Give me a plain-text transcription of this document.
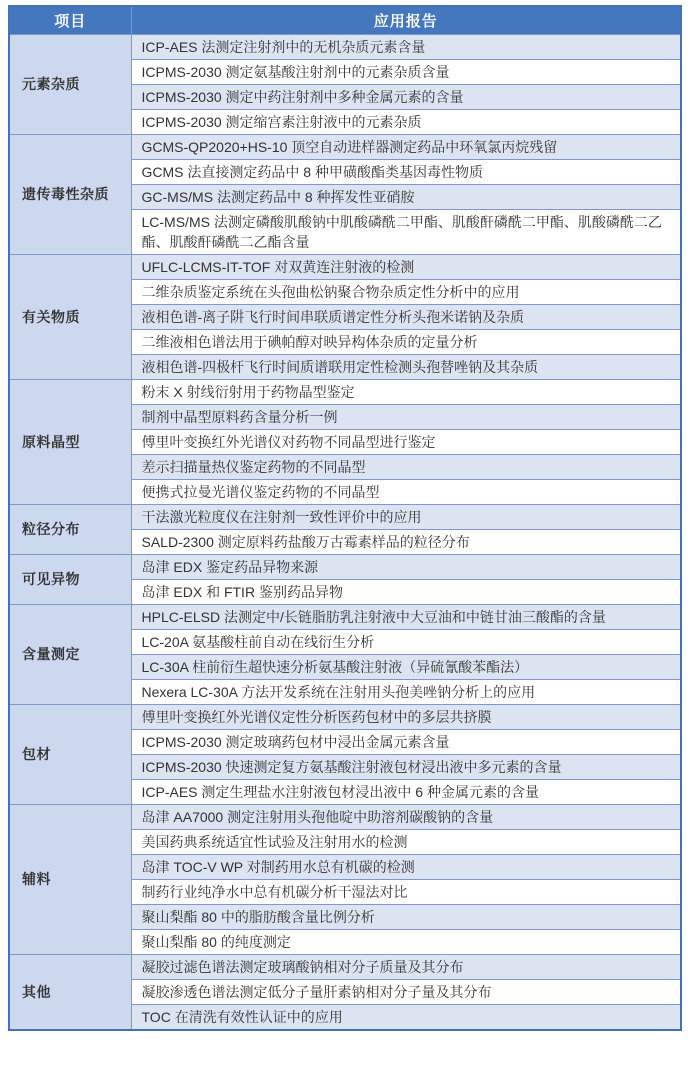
项目	应用报告
元素杂质	ICP-AES 法测定注射剂中的无机杂质元素含量
	ICPMS-2030 测定氨基酸注射剂中的元素杂质含量
	ICPMS-2030 测定中药注射剂中多种金属元素的含量
	ICPMS-2030 测定缩宫素注射液中的元素杂质
遗传毒性杂质	GCMS-QP2020+HS-10 顶空自动进样器测定药品中环氧氯丙烷残留
	GCMS 法直接测定药品中 8 种甲磺酸酯类基因毒性物质
	GC-MS/MS 法测定药品中 8 种挥发性亚硝胺
	LC-MS/MS 法测定磷酸肌酸钠中肌酸磷酰二甲酯、肌酸酐磷酰二甲酯、肌酸磷酰二乙酯、肌酸酐磷酰二乙酯含量
有关物质	UFLC-LCMS-IT-TOF 对双黄连注射液的检测
	二维杂质鉴定系统在头孢曲松钠聚合物杂质定性分析中的应用
	液相色谱-离子阱飞行时间串联质谱定性分析头孢米诺钠及杂质
	二维液相色谱法用于碘帕醇对映异构体杂质的定量分析
	液相色谱-四极杆飞行时间质谱联用定性检测头孢替唑钠及其杂质
原料晶型	粉末 X 射线衍射用于药物晶型鉴定
	制剂中晶型原料药含量分析一例
	傅里叶变换红外光谱仪对药物不同晶型进行鉴定
	差示扫描量热仪鉴定药物的不同晶型
	便携式拉曼光谱仪鉴定药物的不同晶型
粒径分布	干法激光粒度仪在注射剂一致性评价中的应用
	SALD-2300 测定原料药盐酸万古霉素样品的粒径分布
可见异物	岛津 EDX 鉴定药品异物来源
	岛津 EDX 和 FTIR 鉴别药品异物
含量测定	HPLC-ELSD 法测定中/长链脂肪乳注射液中大豆油和中链甘油三酸酯的含量
	LC-20A 氨基酸柱前自动在线衍生分析
	LC-30A 柱前衍生超快速分析氨基酸注射液（异硫氰酸苯酯法）
	Nexera LC-30A 方法开发系统在注射用头孢美唑钠分析上的应用
包材	傅里叶变换红外光谱仪定性分析医药包材中的多层共挤膜
	ICPMS-2030 测定玻璃药包材中浸出金属元素含量
	ICPMS-2030 快速测定复方氨基酸注射液包材浸出液中多元素的含量
	ICP-AES 测定生理盐水注射液包材浸出液中 6 种金属元素的含量
辅料	岛津 AA7000 测定注射用头孢他啶中助溶剂碳酸钠的含量
	美国药典系统适宜性试验及注射用水的检测
	岛津 TOC-V WP 对制药用水总有机碳的检测
	制药行业纯净水中总有机碳分析干湿法对比
	聚山梨酯 80 中的脂肪酸含量比例分析
	聚山梨酯 80 的纯度测定
其他	凝胶过滤色谱法测定玻璃酸钠相对分子质量及其分布
	凝胶渗透色谱法测定低分子量肝素钠相对分子量及其分布
	TOC 在清洗有效性认证中的应用
